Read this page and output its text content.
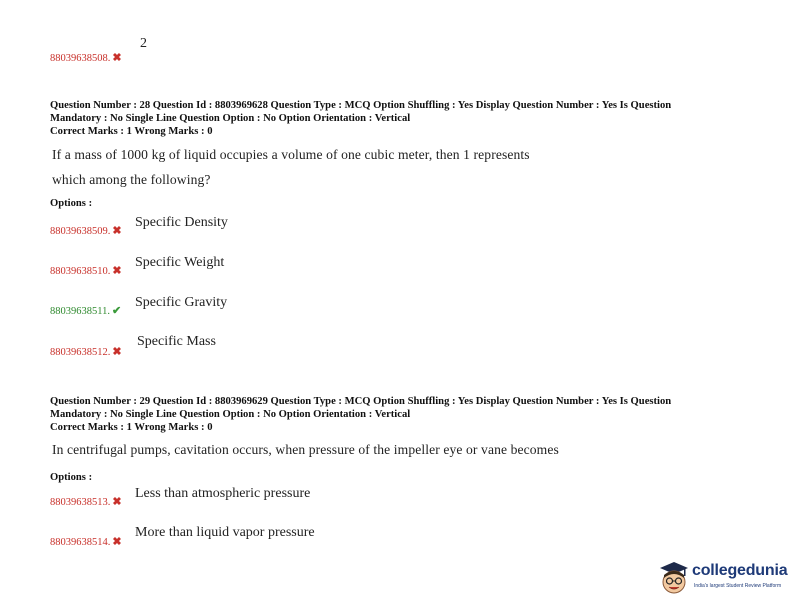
88039638508. ✖
2
Question Number : 28 Question Id : 8803969628 Question Type : MCQ Option Shuffling : Yes Display Question Number : Yes Is Question
Mandatory : No Single Line Question Option : No Option Orientation : Vertical
Correct Marks : 1 Wrong Marks : 0
If a mass of 1000 kg of liquid occupies a volume of one cubic meter, then 1 represents
which among the following?
Options :
88039638509. ✖
Specific Density
88039638510. ✖
Specific Weight
88039638511. ✔
Specific Gravity
88039638512. ✖
Specific Mass
Question Number : 29 Question Id : 8803969629 Question Type : MCQ Option Shuffling : Yes Display Question Number : Yes Is Question
Mandatory : No Single Line Question Option : No Option Orientation : Vertical
Correct Marks : 1 Wrong Marks : 0
In centrifugal pumps, cavitation occurs, when pressure of the impeller eye or vane becomes
Options :
88039638513. ✖
Less than atmospheric pressure
88039638514. ✖
More than liquid vapor pressure
collegedunia
India's largest Student Review Platform
